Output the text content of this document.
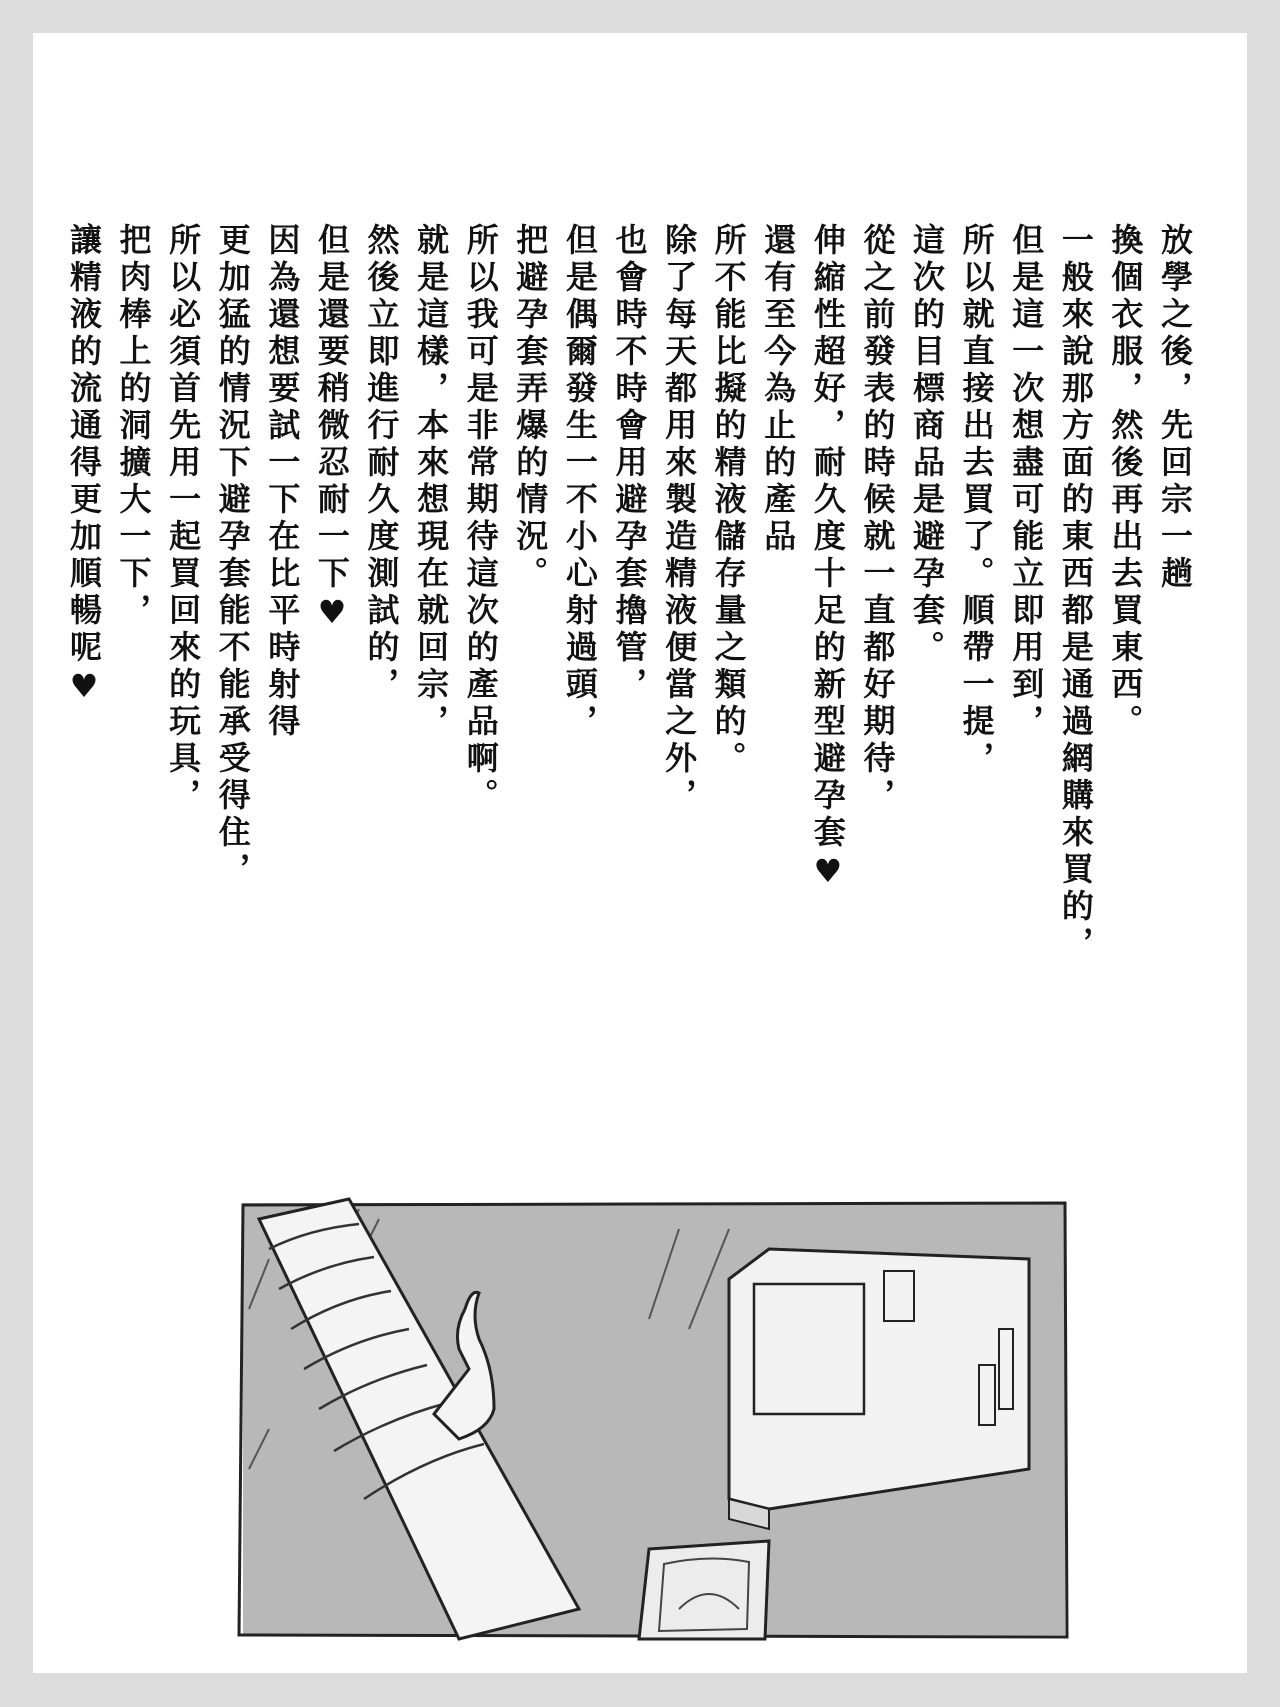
放學之後，先回宗一趟
換個衣服，然後再出去買東西。
一般來說那方面的東西都是通過網購來買的，
但是這一次想盡可能立即用到，
所以就直接出去買了。順帶一提，
這次的目標商品是避孕套。
從之前發表的時候就一直都好期待，
伸縮性超好，耐久度十足的新型避孕套♥
還有至今為止的產品
所不能比擬的精液儲存量之類的。
除了每天都用來製造精液便當之外，
也會時不時會用避孕套擼管，
但是偶爾發生一不小心射過頭，
把避孕套弄爆的情況。
所以我可是非常期待這次的產品啊。
就是這樣，本來想現在就回宗，
然後立即進行耐久度測試的，
但是還要稍微忍耐一下♥
因為還想要試一下在比平時射得
更加猛的情況下避孕套能不能承受得住，
所以必須首先用一起買回來的玩具，
把肉棒上的洞擴大一下，
讓精液的流通得更加順暢呢♥
